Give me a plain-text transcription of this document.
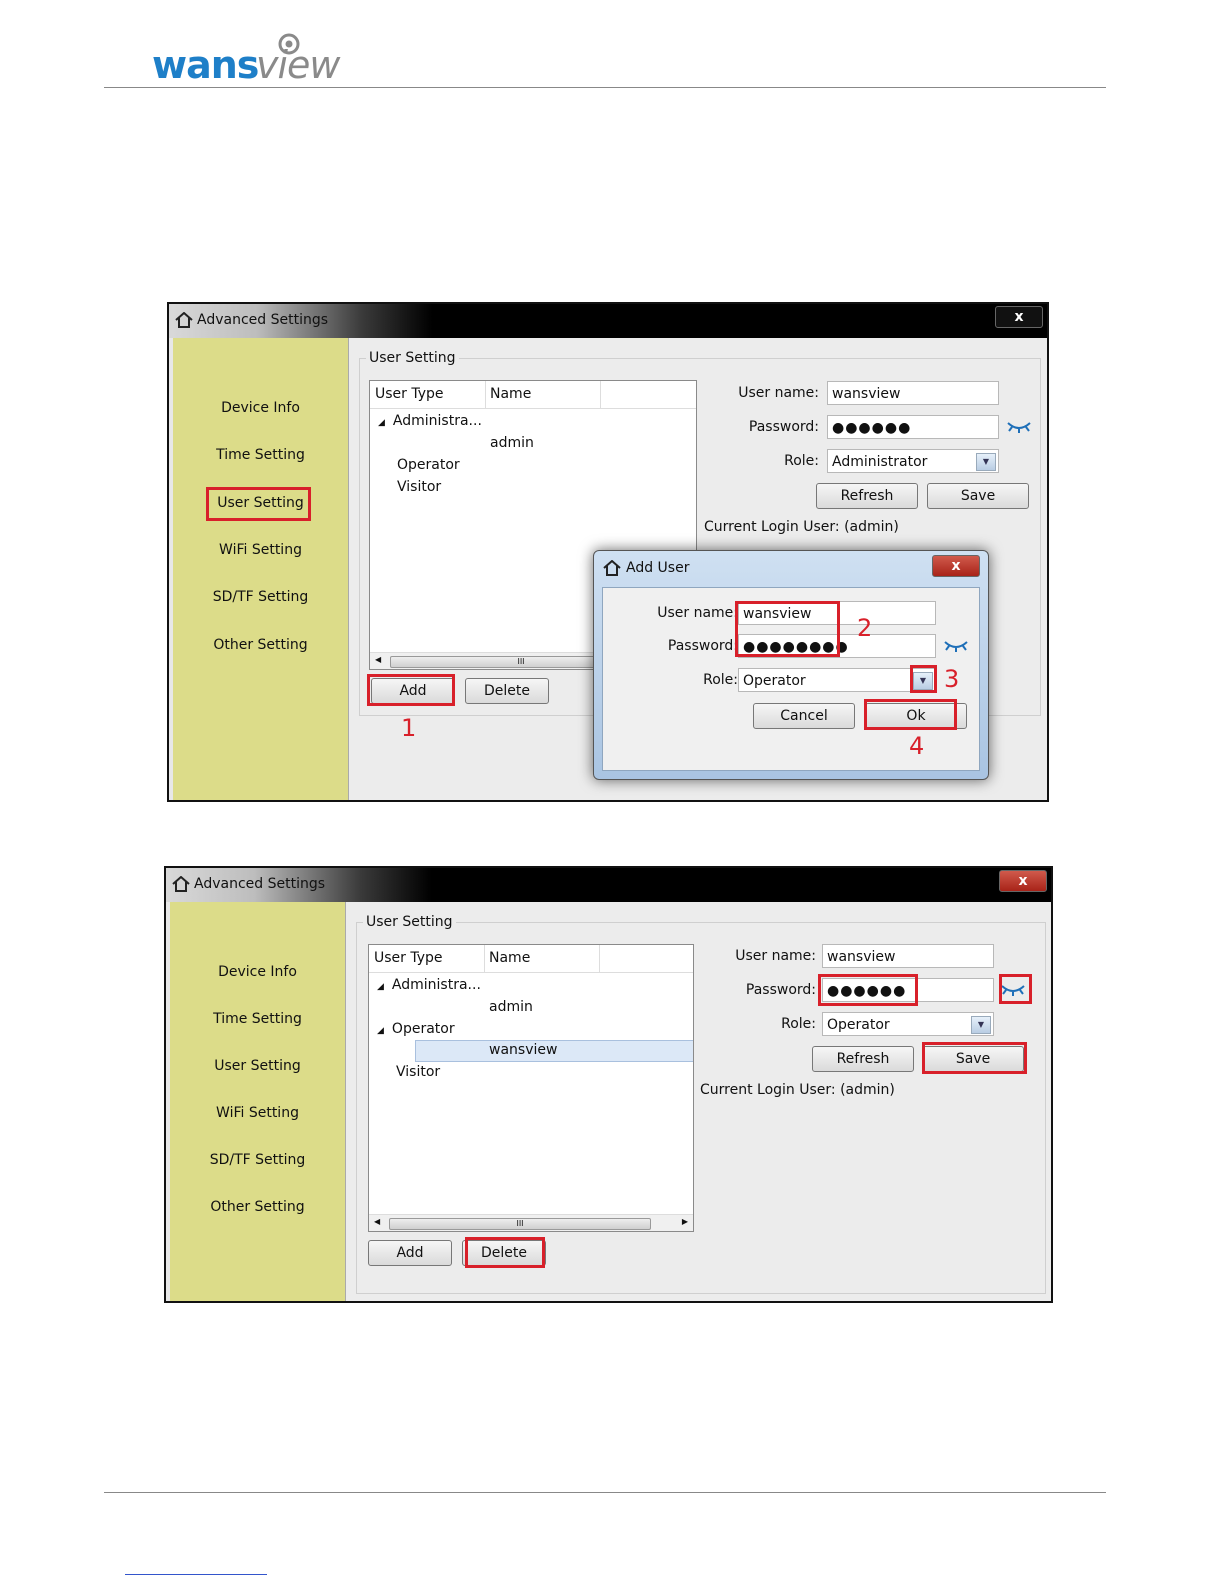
wans
view
Advanced Settings	x
Device Info
Time Setting
User Setting
WiFi Setting
SD/TF Setting
Other Setting
User Setting
User Type	Name
◢ Administra...
admin
Operator
Visitor
◀	III
Add	Delete
User name: wansview
Password: ●●●●●●
Role: Administrator	▼
Refresh	Save
Current Login User: (admin)
1
Add User	x
User name: wansview
Password: ●●●●●●●●
Role: Operator	▼
Cancel	Ok
2
3
4
Advanced Settings	x
Device Info
Time Setting
User Setting
WiFi Setting
SD/TF Setting
Other Setting
User Setting
User Type	Name
◢ Administra...
admin
◢ Operator
wansview
Visitor
◀	III	▶
Add	Delete
User name: wansview
Password: ●●●●●●
Role: Operator	▼
Refresh	Save
Current Login User: (admin)
